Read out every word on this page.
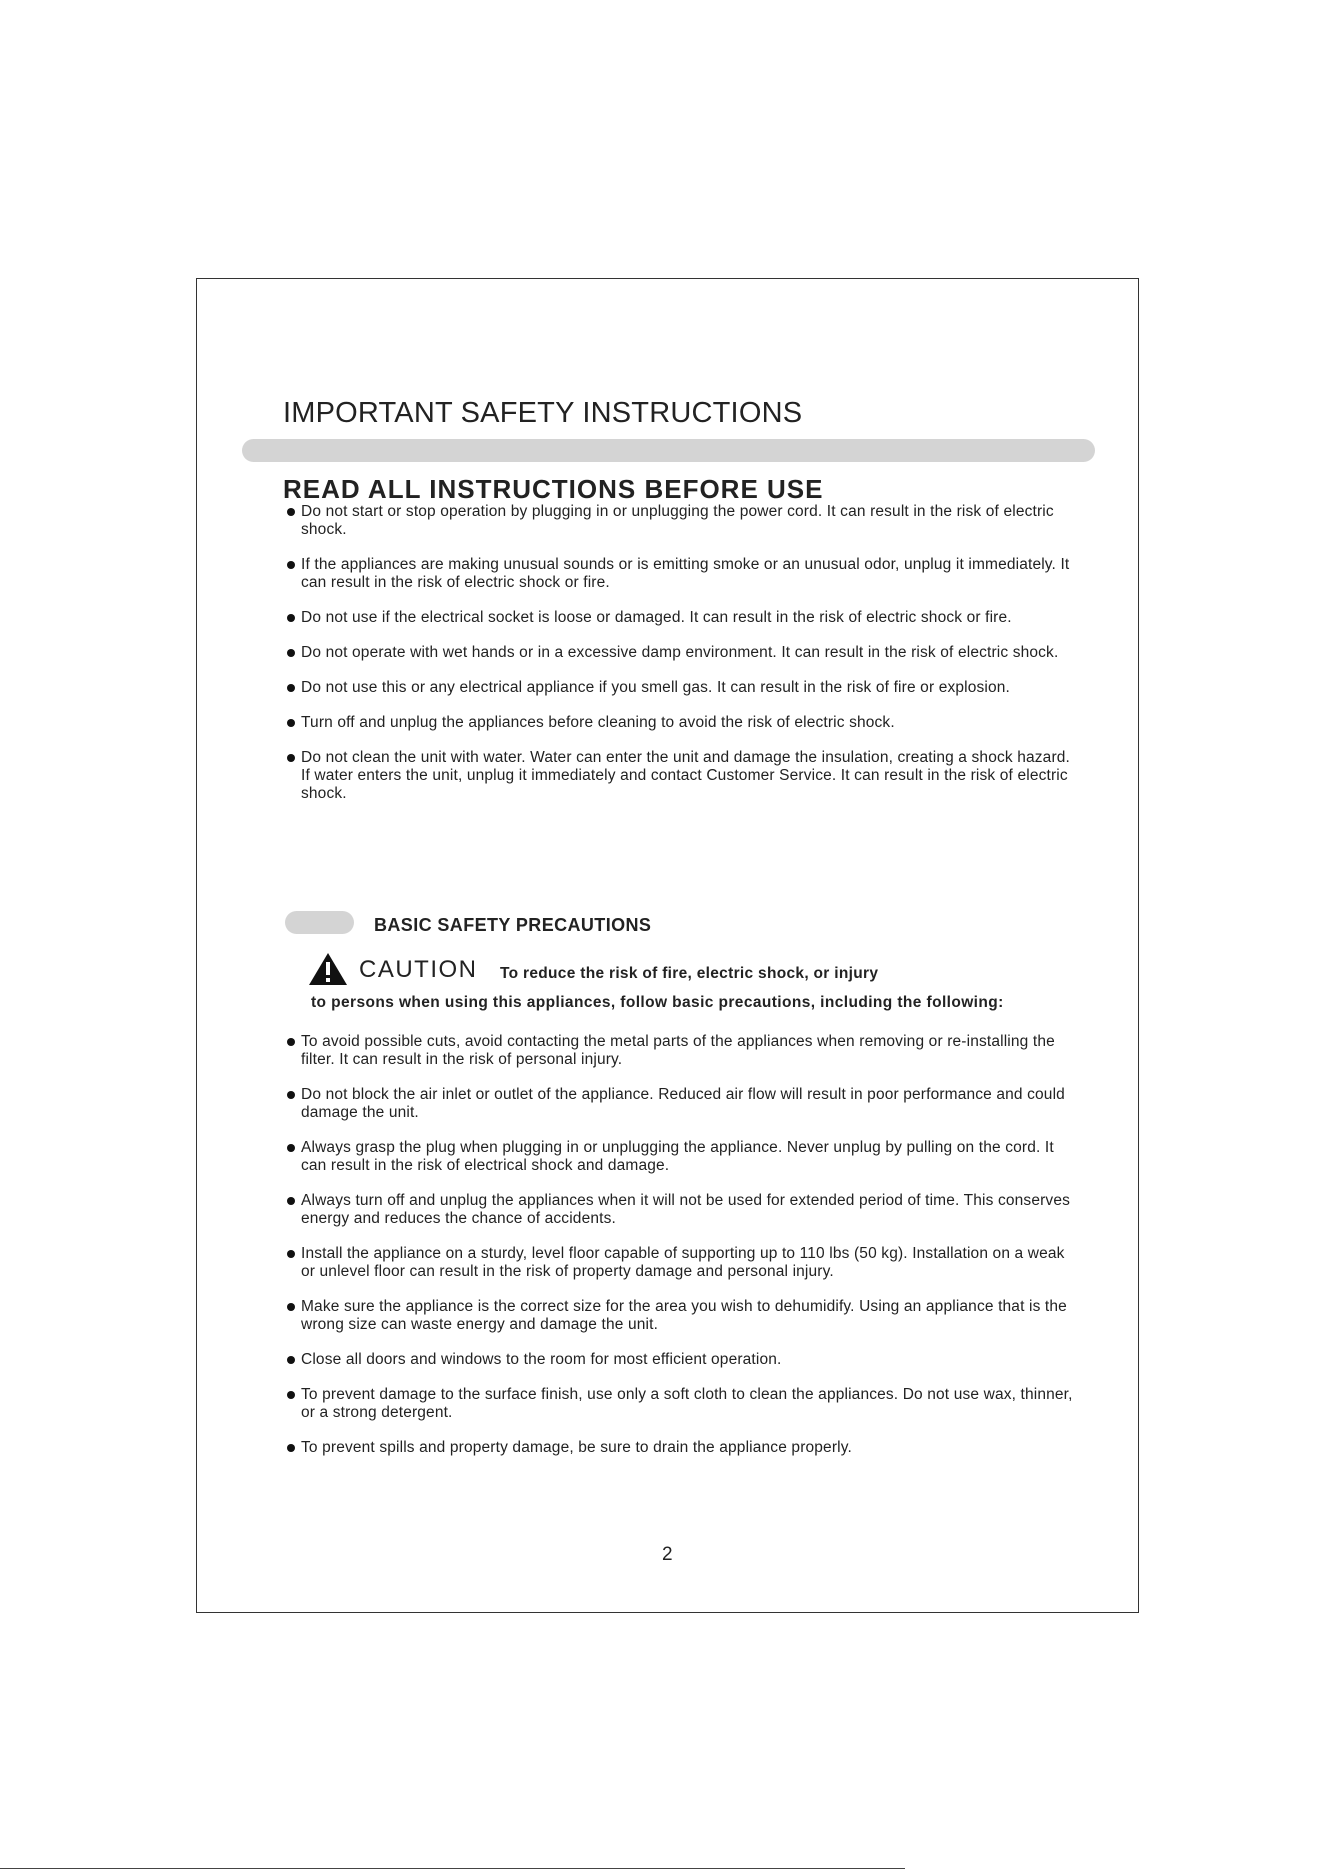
IMPORTANT SAFETY INSTRUCTIONS
READ ALL INSTRUCTIONS BEFORE USE
Do not start or stop operation by plugging in or unplugging the power cord. It can result in the risk of electric shock.
If the appliances are making unusual sounds or is emitting smoke or an unusual odor, unplug it immediately. It can result in the risk of electric shock or fire.
Do not use if the electrical socket is loose or damaged. It can result in the risk of electric shock or fire.
Do not operate with wet hands or in a excessive damp environment. It can result in the risk of electric shock.
Do not use this or any electrical appliance if you smell gas. It can result in the risk of fire or explosion.
Turn off and unplug the appliances before cleaning to avoid the risk of electric shock.
Do not clean the unit with water. Water can enter the unit and damage the insulation, creating a shock hazard. If water enters the unit, unplug it immediately and contact Customer Service. It can result in the risk of electric shock.
BASIC SAFETY PRECAUTIONS
CAUTION To reduce the risk of fire, electric shock, or injury

to persons when using this appliances, follow basic precautions, including the following:

To avoid possible cuts, avoid contacting the metal parts of the appliances when removing or re-installing the filter. It can result in the risk of personal injury.
Do not block the air inlet or outlet of the appliance. Reduced air flow will result in poor performance and could damage the unit.
Always grasp the plug when plugging in or unplugging the appliance. Never unplug by pulling on the cord. It can result in the risk of electrical shock and damage.
Always turn off and unplug the appliances when it will not be used for extended period of time. This conserves energy and reduces the chance of accidents.
Install the appliance on a sturdy, level floor capable of supporting up to 110 lbs (50 kg). Installation on a weak or unlevel floor can result in the risk of property damage and personal injury.
Make sure the appliance is the correct size for the area you wish to dehumidify. Using an appliance that is the wrong size can waste energy and damage the unit.
Close all doors and windows to the room for most efficient operation.
To prevent damage to the surface finish, use only a soft cloth to clean the appliances. Do not use wax, thinner, or a strong detergent.
To prevent spills and property damage, be sure to drain the appliance properly.
2
